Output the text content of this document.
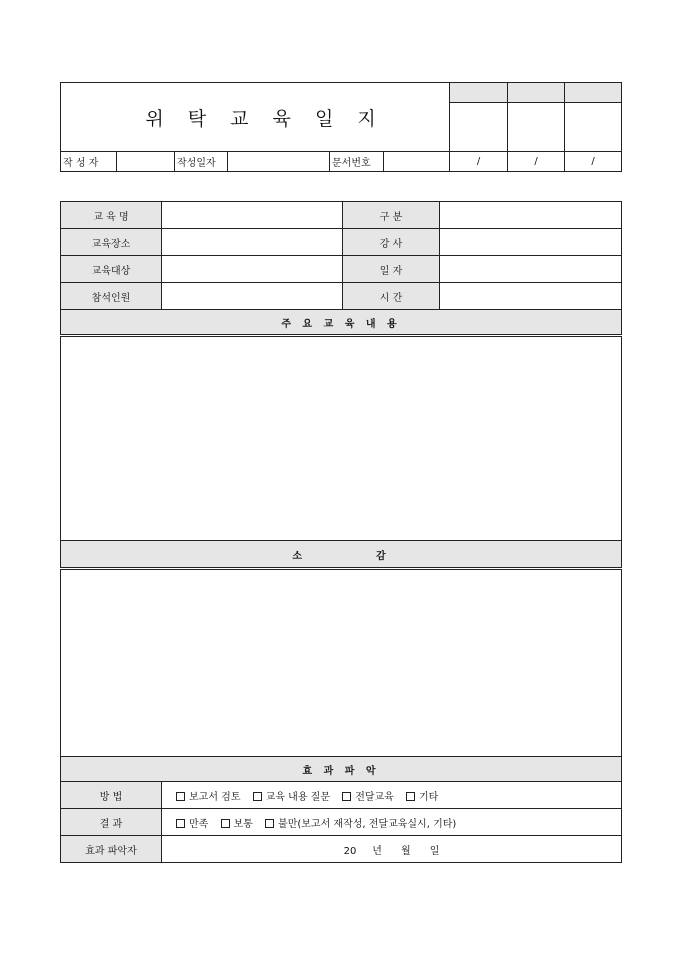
위 탁 교 육 일 지								

작 성 자		작성일자		문서번호		/	/	/
교 육 명		구 분	
교육장소		강 사	
교육대상		일 자	
참석인원		시 간	
주 요 교 육 내 용			

소 감			

효 과 파 악			
방 법	보고서 검토 교육 내용 질문 전달교육 기타		
결 과	만족 보통 불만(보고서 재작성, 전달교육실시, 기타)		
효과 파악자	20     년      월      일		
